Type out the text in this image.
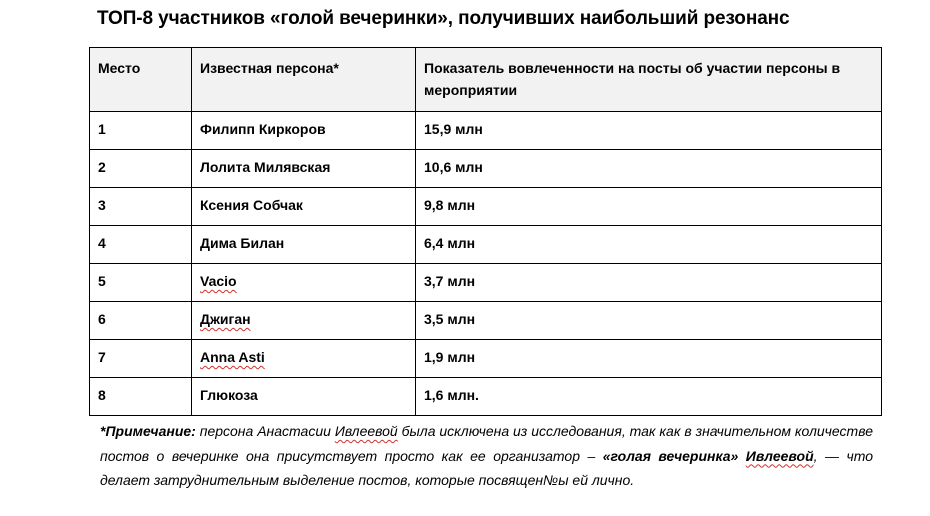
ТОП-8 участников «голой вечеринки», получивших наибольший резонанс
Место	Известная персона*	Показатель вовлеченности на посты об участии персоны в мероприятии
1	Филипп Киркоров	15,9 млн
2	Лолита Милявская	10,6 млн
3	Ксения Собчак	9,8 млн
4	Дима Билан	6,4 млн
5	Vacio	3,7 млн
6	Джиган	3,5 млн
7	Anna Asti	1,9 млн
8	Глюкоза	1,6 млн.
*Примечание: персона Анастасии Ивлеевой была исключена из исследования, так как в значительном количестве постов о вечеринке она присутствует просто как ее организатор – «голая вечеринка» Ивлеевой, — что делает затруднительным выделение постов, которые посвящен№ы ей лично.
